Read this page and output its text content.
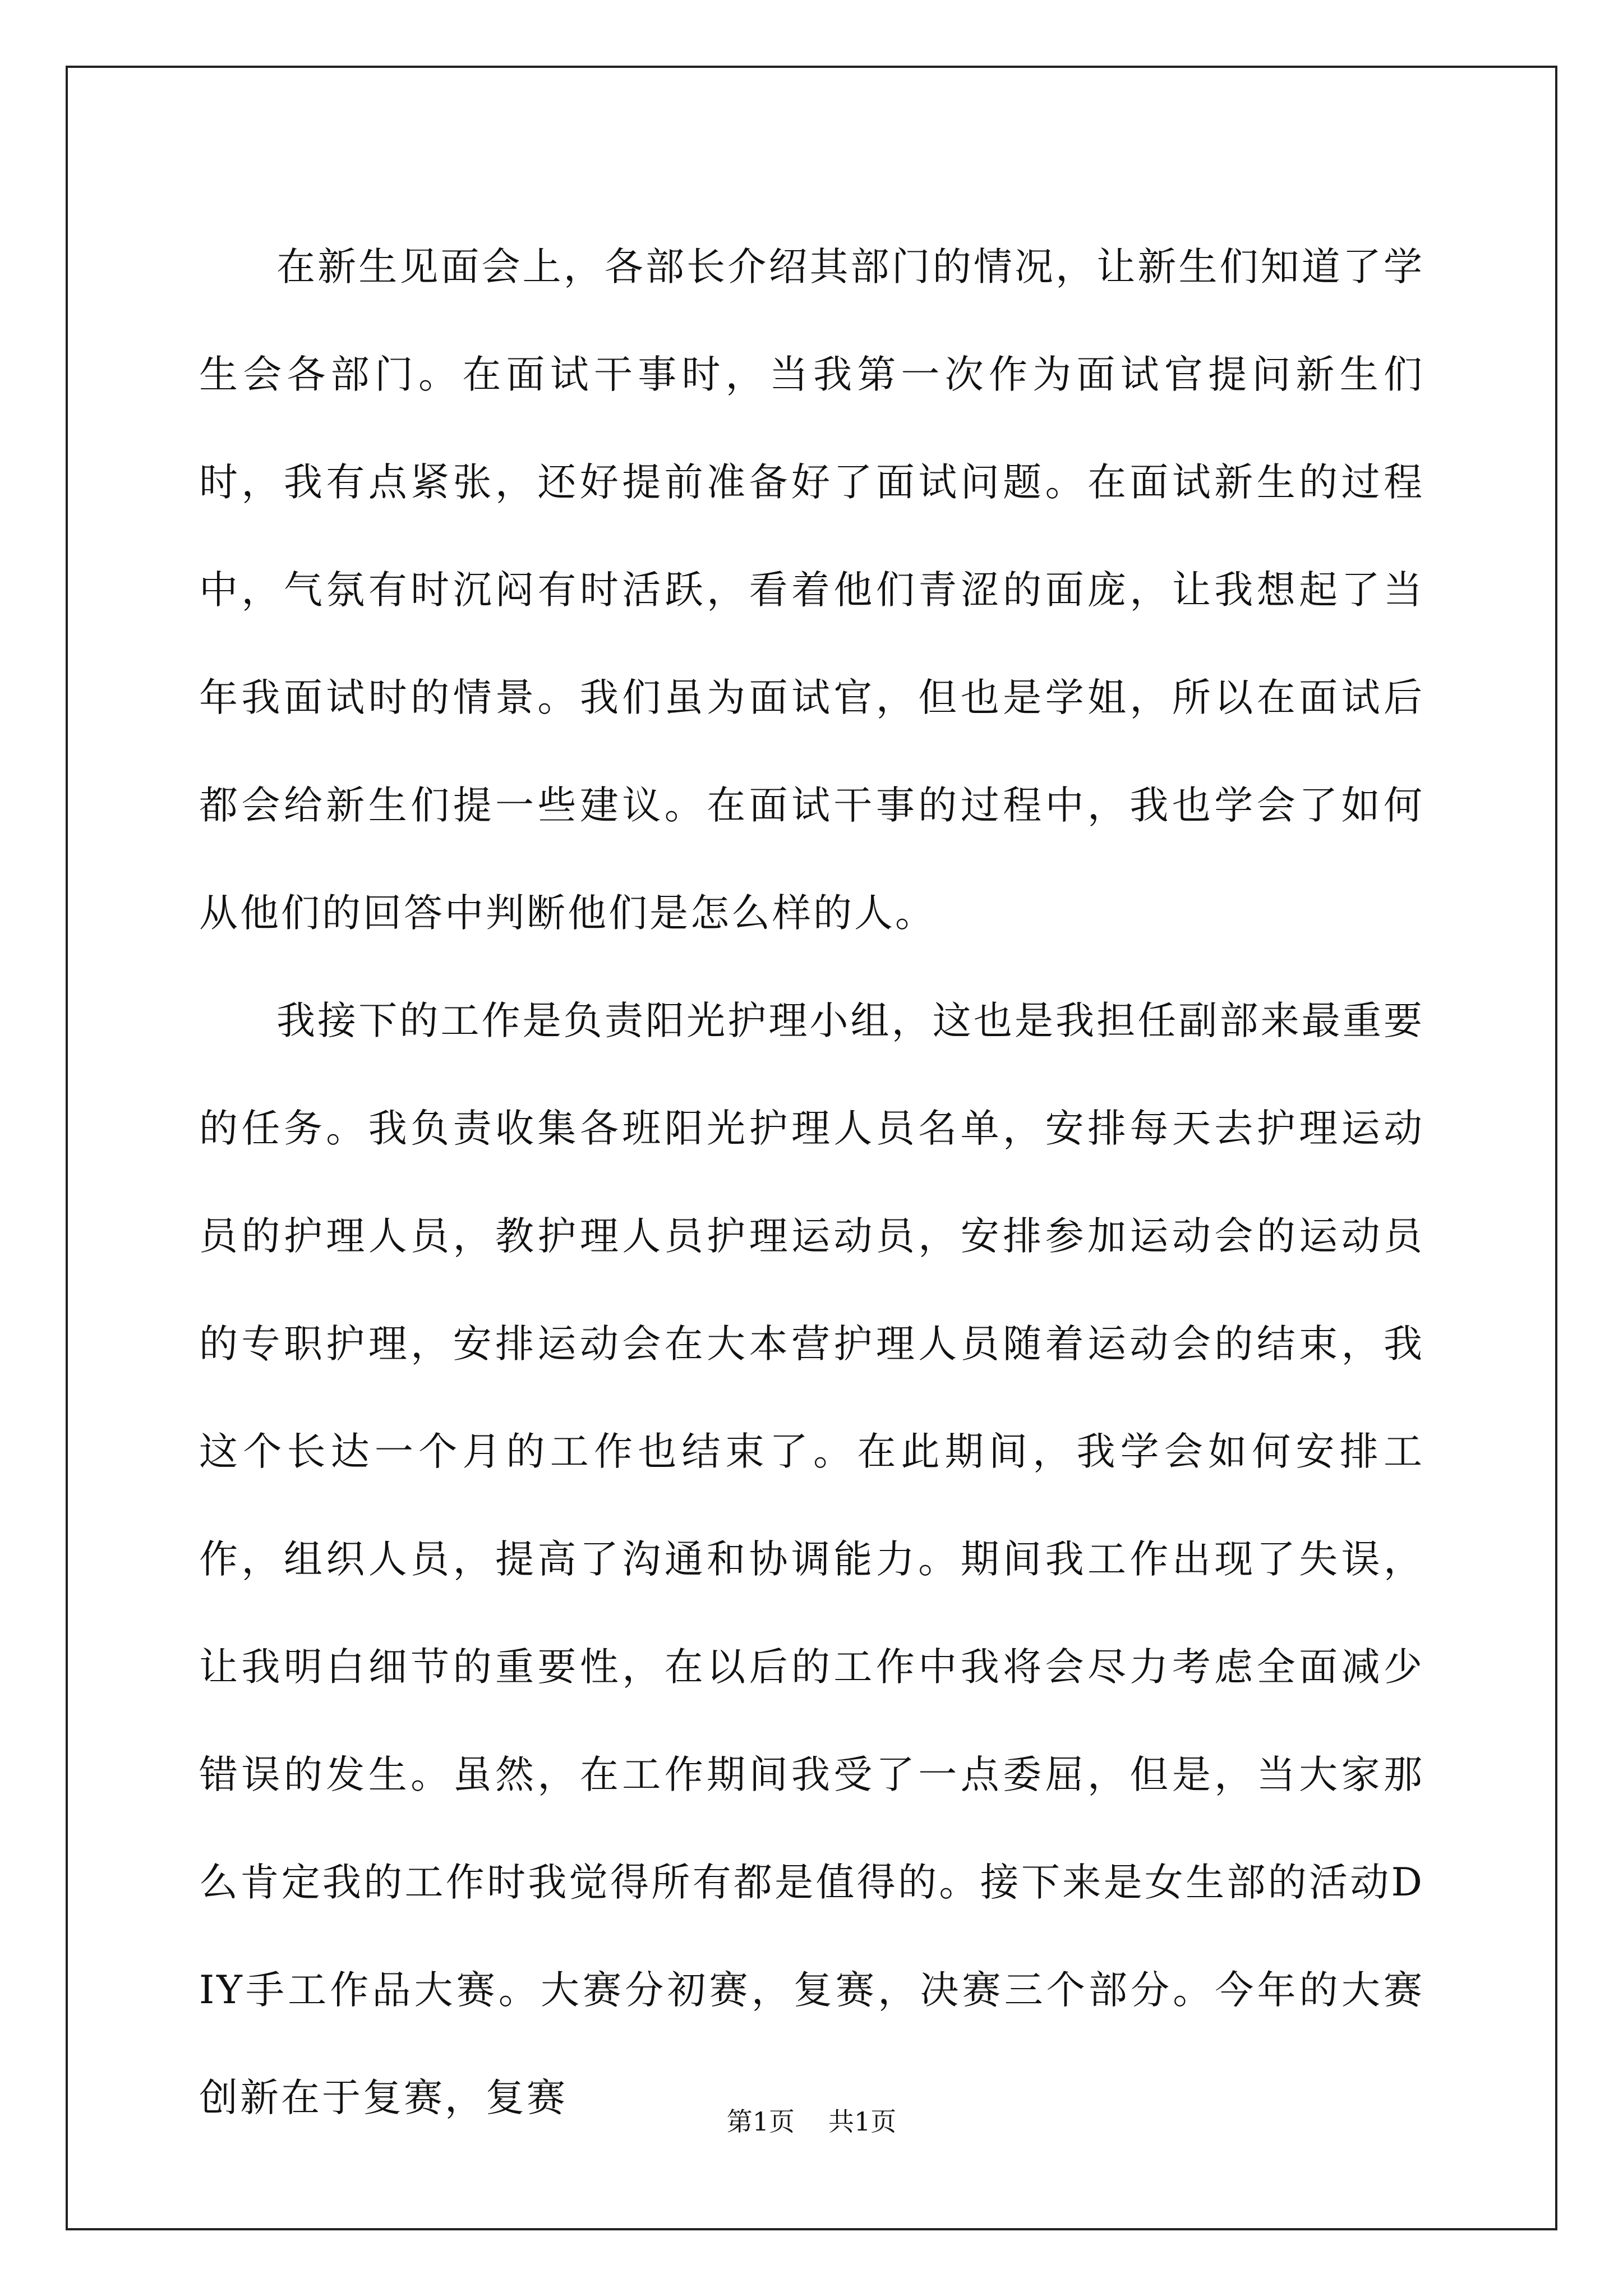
在新生见面会上，各部长介绍其部门的情况，让新生们知道了学生会各部门。在面试干事时，当我第一次作为面试官提问新生们时，我有点紧张，还好提前准备好了面试问题。在面试新生的过程中，气氛有时沉闷有时活跃，看着他们青涩的面庞，让我想起了当年我面试时的情景。我们虽为面试官，但也是学姐，所以在面试后都会给新生们提一些建议。在面试干事的过程中，我也学会了如何从他们的回答中判断他们是怎么样的人。

我接下的工作是负责阳光护理小组，这也是我担任副部来最重要的任务。我负责收集各班阳光护理人员名单，安排每天去护理运动员的护理人员，教护理人员护理运动员，安排参加运动会的运动员的专职护理，安排运动会在大本营护理人员随着运动会的结束，我这个长达一个月的工作也结束了。在此期间，我学会如何安排工作，组织人员，提高了沟通和协调能力。期间我工作出现了失误，让我明白细节的重要性，在以后的工作中我将会尽力考虑全面减少错误的发生。虽然，在工作期间我受了一点委屈，但是，当大家那么肯定我的工作时我觉得所有都是值得的。接下来是女生部的活动DIY手工作品大赛。大赛分初赛，复赛，决赛三个部分。今年的大赛创新在于复赛，复赛

第1页 共1页
